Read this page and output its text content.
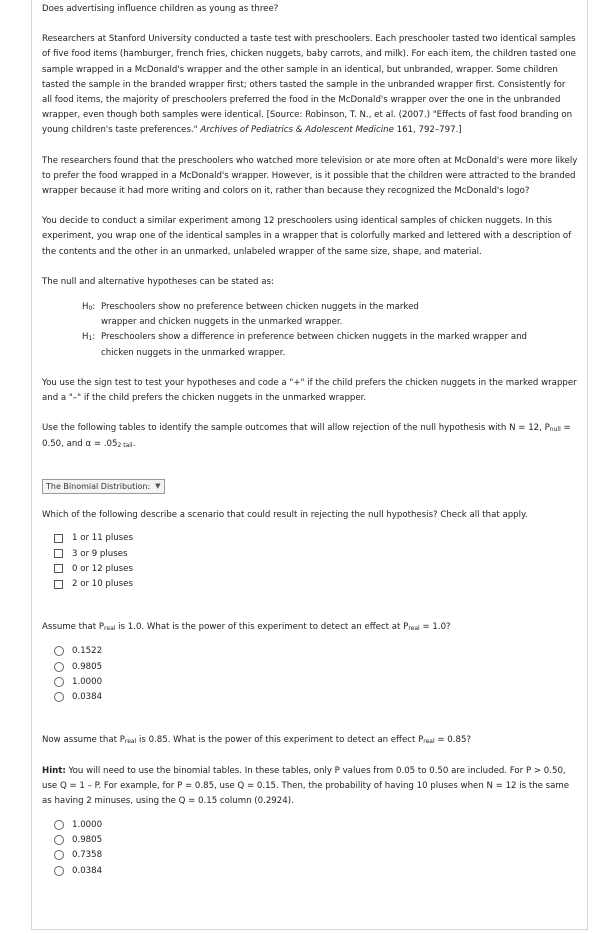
Does advertising influence children as young as three?

Researchers at Stanford University conducted a taste test with preschoolers. Each preschooler tasted two identical samples of five food items (hamburger, french fries, chicken nuggets, baby carrots, and milk). For each item, the children tasted one sample wrapped in a McDonald's wrapper and the other sample in an identical, but unbranded, wrapper. Some children tasted the sample in the branded wrapper first; others tasted the sample in the unbranded wrapper first. Consistently for all food items, the majority of preschoolers preferred the food in the McDonald's wrapper over the one in the unbranded wrapper, even though both samples were identical. [Source: Robinson, T. N., et al. (2007.) "Effects of fast food branding on young children's taste preferences." Archives of Pediatrics & Adolescent Medicine 161, 792–797.]

The researchers found that the preschoolers who watched more television or ate more often at McDonald's were more likely to prefer the food wrapped in a McDonald's wrapper. However, is it possible that the children were attracted to the branded wrapper because it had more writing and colors on it, rather than because they recognized the McDonald's logo?

You decide to conduct a similar experiment among 12 preschoolers using identical samples of chicken nuggets. In this experiment, you wrap one of the identical samples in a wrapper that is colorfully marked and lettered with a description of the contents and the other in an unmarked, unlabeled wrapper of the same size, shape, and material.

The null and alternative hypotheses can be stated as:

$H_0$: Preschoolers show no preference between chicken nuggets in the marked wrapper and chicken nuggets in the unmarked wrapper.
$H_1$: Preschoolers show a difference in preference between chicken nuggets in the marked wrapper and chicken nuggets in the unmarked wrapper.

You use the sign test to test your hypotheses and code a "+" if the child prefers the chicken nuggets in the marked wrapper and a "–" if the child prefers the chicken nuggets in the unmarked wrapper.

Use the following tables to identify the sample outcomes that will allow rejection of the null hypothesis with N = 12, $P_{null} = 0.50$, and α = .052 tail.

The Binomial Distribution: ▼

Which of the following describe a scenario that could result in rejecting the null hypothesis? Check all that apply.

1 or 11 pluses
3 or 9 pluses
0 or 12 pluses
2 or 10 pluses

Assume that $P_{real}$ is 1.0. What is the power of this experiment to detect an effect at $P_{real} = 1.0$?

0.1522
0.9805
1.0000
0.0384

Now assume that $P_{real}$ is 0.85. What is the power of this experiment to detect an effect $P_{real} = 0.85$?

Hint: You will need to use the binomial tables. In these tables, only P values from 0.05 to 0.50 are included. For P > 0.50, use Q = 1 – P. For example, for P = 0.85, use Q = 0.15. Then, the probability of having 10 pluses when N = 12 is the same as having 2 minuses, using the Q = 0.15 column (0.2924).

1.0000
0.9805
0.7358
0.0384
